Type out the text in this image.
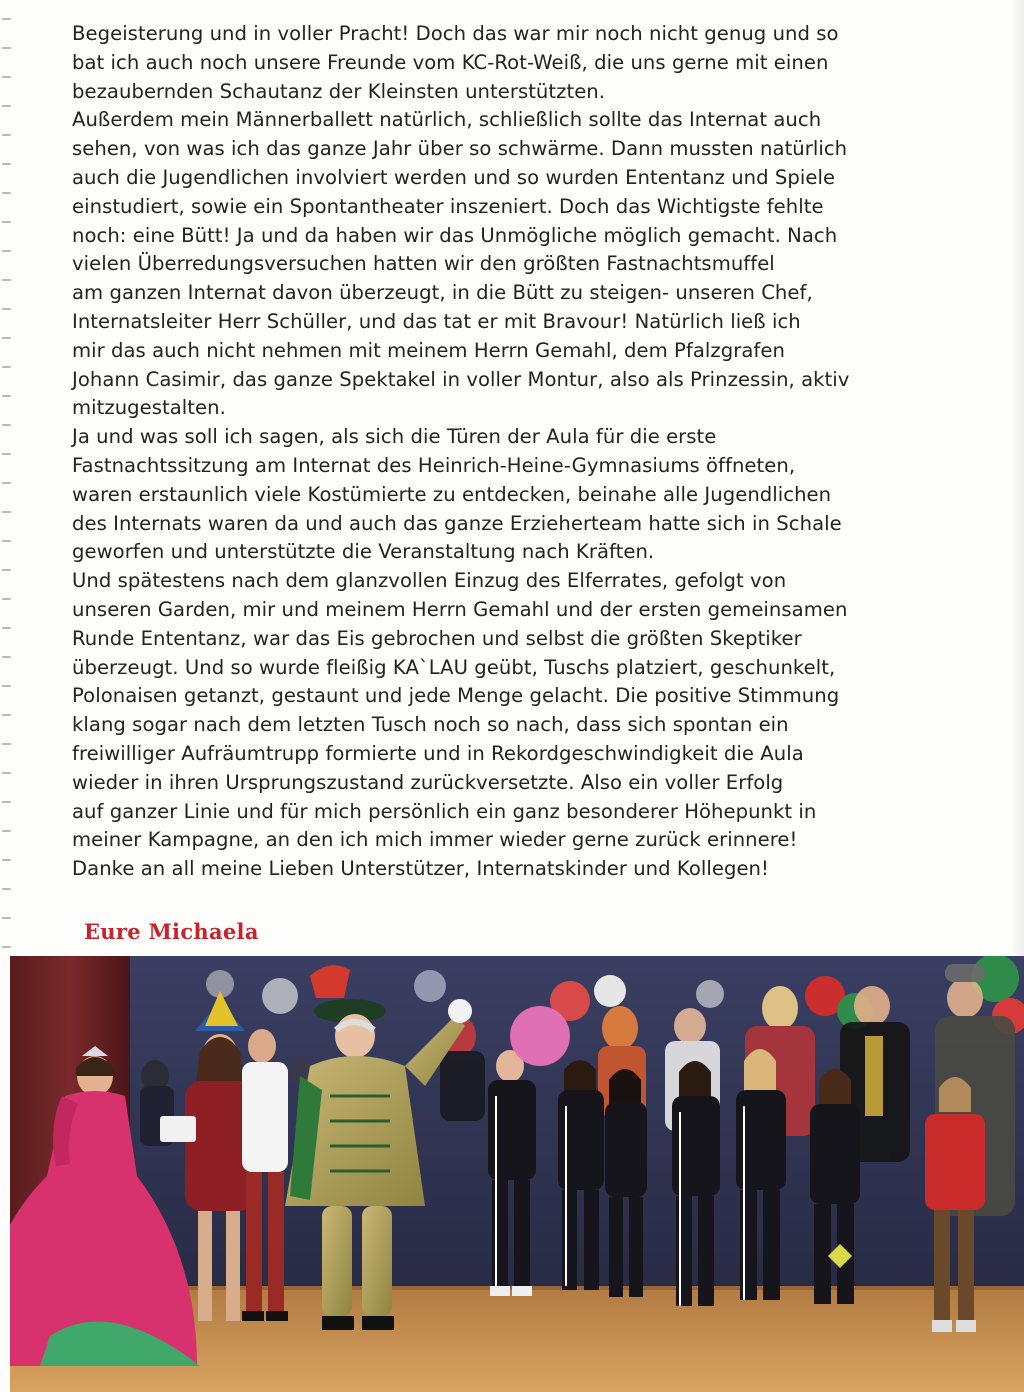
Begeisterung und in voller Pracht! Doch das war mir noch nicht genug und so
bat ich auch noch unsere Freunde vom KC-Rot-Weiß, die uns gerne mit einen
bezaubernden Schautanz der Kleinsten unterstützten.
Außerdem mein Männerballett natürlich, schließlich sollte das Internat auch
sehen, von was ich das ganze Jahr über so schwärme. Dann mussten natürlich
auch die Jugendlichen involviert werden und so wurden Ententanz und Spiele
einstudiert, sowie ein Spontantheater inszeniert. Doch das Wichtigste fehlte
noch: eine Bütt! Ja und da haben wir das Unmögliche möglich gemacht. Nach
vielen Überredungsversuchen hatten wir den größten Fastnachtsmuffel
am ganzen Internat davon überzeugt, in die Bütt zu steigen- unseren Chef,
Internatsleiter Herr Schüller, und das tat er mit Bravour! Natürlich ließ ich
mir das auch nicht nehmen mit meinem Herrn Gemahl, dem Pfalzgrafen
Johann Casimir, das ganze Spektakel in voller Montur, also als Prinzessin, aktiv
mitzugestalten.
Ja und was soll ich sagen, als sich die Türen der Aula für die erste
Fastnachtssitzung am Internat des Heinrich-Heine-Gymnasiums öffneten,
waren erstaunlich viele Kostümierte zu entdecken, beinahe alle Jugendlichen
des Internats waren da und auch das ganze Erzieherteam hatte sich in Schale
geworfen und unterstützte die Veranstaltung nach Kräften.
Und spätestens nach dem glanzvollen Einzug des Elferrates, gefolgt von
unseren Garden, mir und meinem Herrn Gemahl und der ersten gemeinsamen
Runde Ententanz, war das Eis gebrochen und selbst die größten Skeptiker
überzeugt. Und so wurde fleißig KA`LAU geübt, Tuschs platziert, geschunkelt,
Polonaisen getanzt, gestaunt und jede Menge gelacht. Die positive Stimmung
klang sogar nach dem letzten Tusch noch so nach, dass sich spontan ein
freiwilliger Aufräumtrupp formierte und in Rekordgeschwindigkeit die Aula
wieder in ihren Ursprungszustand zurückversetzte. Also ein voller Erfolg
auf ganzer Linie und für mich persönlich ein ganz besonderer Höhepunkt in
meiner Kampagne, an den ich mich immer wieder gerne zurück erinnere!
Danke an all meine Lieben Unterstützer, Internatskinder und Kollegen!
Eure Michaela
